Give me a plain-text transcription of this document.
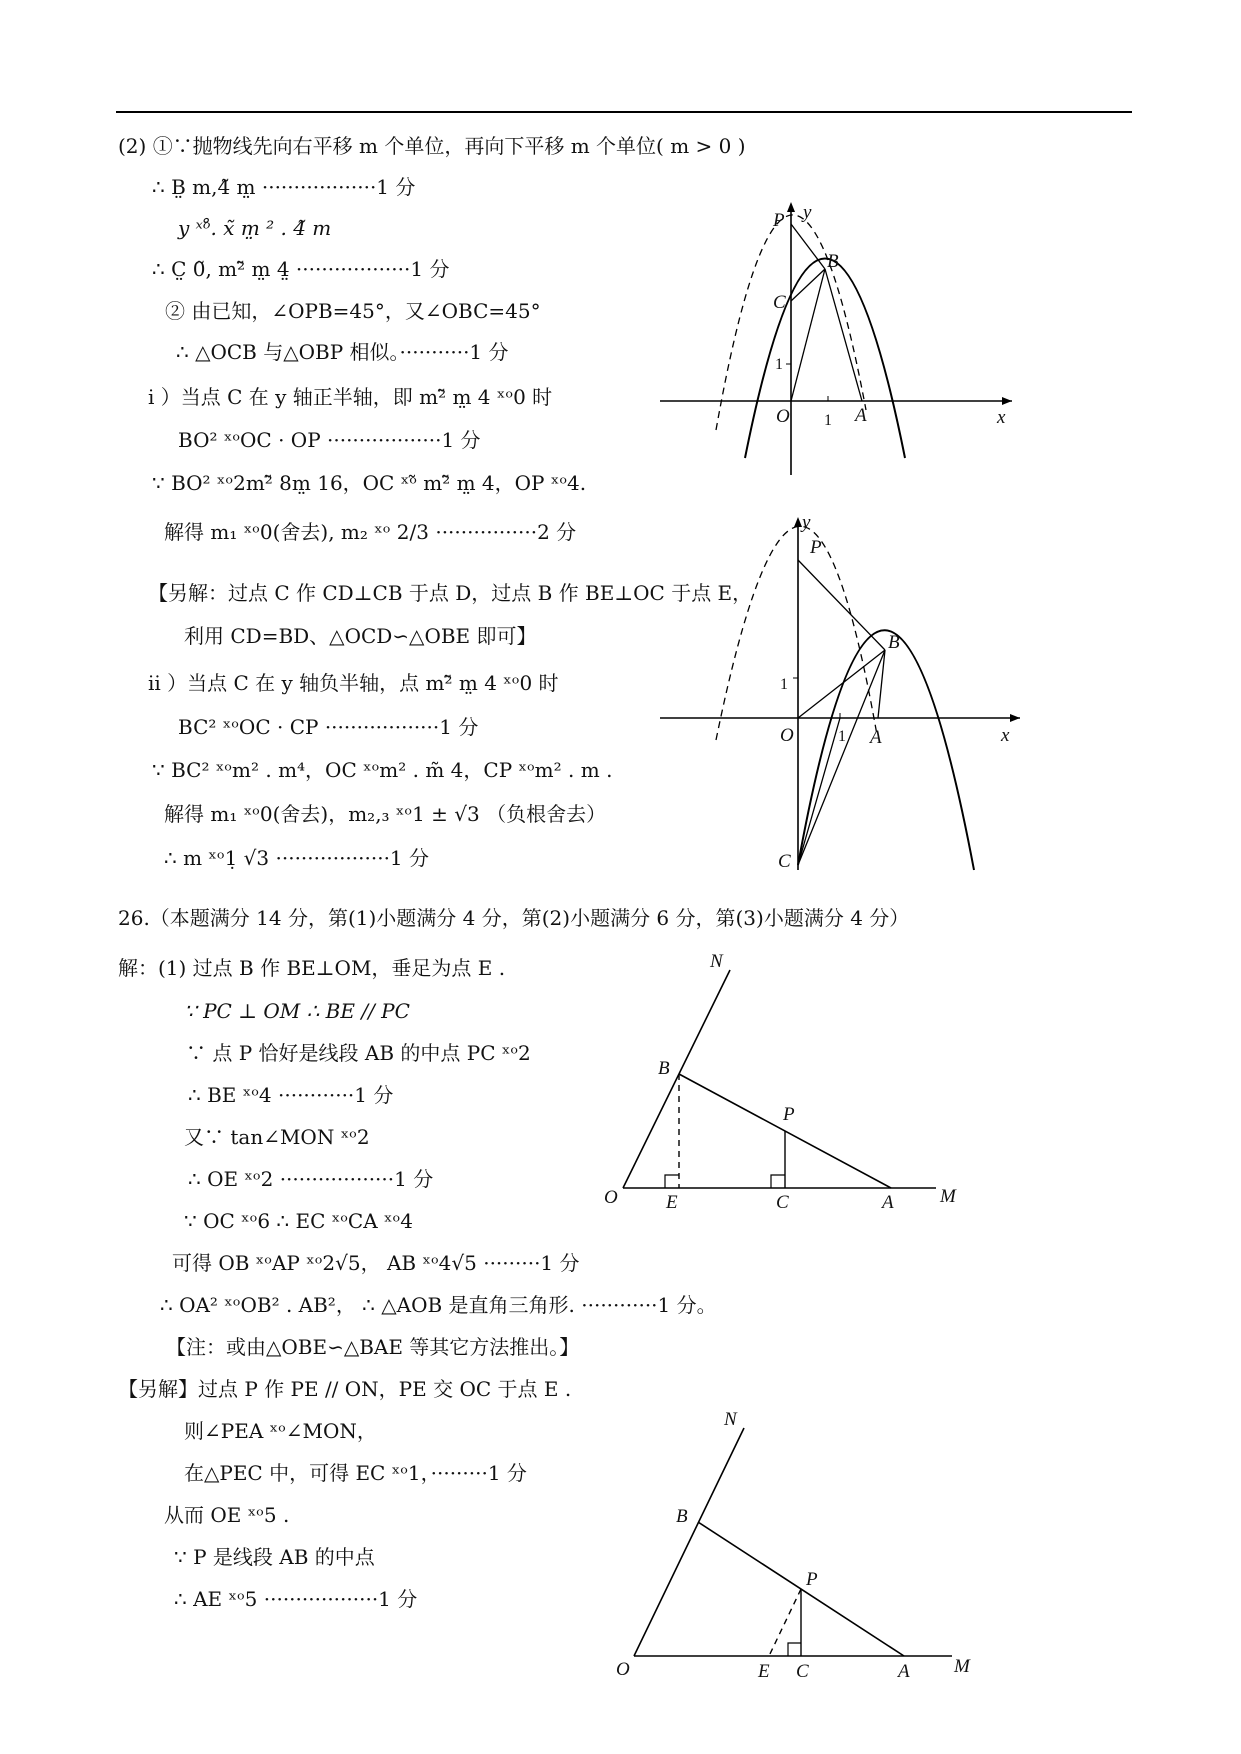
(2) ①∵抛物线先向右平移 m 个单位，再向下平移 m 个单位( m > 0 )
∴ B̤ m,4̃ m̤ ··················1 分
y ˣᵒ̊. x̃ m̤ ² . 4̃ m
∴ C̤ 0̃, m²̃ m̤ 4̤ ··················1 分
② 由已知，∠OPB=45°，又∠OBC=45°
∴ △OCB 与△OBP 相似。···········1 分
i ）当点 C 在 y 轴正半轴，即 m²̃ m̤ 4 ˣᵒ0 时
BO² ˣᵒOC · OP ··················1 分
∵ BO² ˣᵒ2m²̃ 8m̤ 16，OC ˣᵒ̃ m²̃ m̤ 4，OP ˣᵒ4.
解得 m₁ ˣᵒ0(舍去), m₂ ˣᵒ 2/3 ················2 分
【另解：过点 C 作 CD⊥CB 于点 D，过点 B 作 BE⊥OC 于点 E，
利用 CD=BD、△OCD∽△OBE 即可】
ii ）当点 C 在 y 轴负半轴，点 m²̃ m̤ 4 ˣᵒ0 时
BC² ˣᵒOC · CP ··················1 分
∵ BC² ˣᵒm² . m⁴，OC ˣᵒm² . m̃ 4，CP ˣᵒm² . m .
解得 m₁ ˣᵒ0(舍去)，m₂,₃ ˣᵒ1 ± √3 （负根舍去）
∴ m ˣᵒ1̣ √3 ··················1 分
26.（本题满分 14 分，第(1)小题满分 4 分，第(2)小题满分 6 分，第(3)小题满分 4 分）
解：(1) 过点 B 作 BE⊥OM，垂足为点 E .
∵ PC ⊥ OM ∴ BE // PC
∵ 点 P 恰好是线段 AB 的中点 PC ˣᵒ2
∴ BE ˣᵒ4 ············1 分
又∵ tan∠MON ˣᵒ2
∴ OE ˣᵒ2 ··················1 分
∵ OC ˣᵒ6 ∴ EC ˣᵒCA ˣᵒ4
可得 OB ˣᵒAP ˣᵒ2√5， AB ˣᵒ4√5 ·········1 分
∴ OA² ˣᵒOB² . AB²， ∴ △AOB 是直角三角形. ············1 分。
【注：或由△OBE∽△BAE 等其它方法推出。】
【另解】过点 P 作 PE // ON，PE 交 OC 于点 E .
则∠PEA ˣᵒ∠MON，
在△PEC 中，可得 EC ˣᵒ1，·········1 分
从而 OE ˣᵒ5 .
∵ P 是线段 AB 的中点
∴ AE ˣᵒ5 ··················1 分
P y
B
C
1
O 1 A	x
y
P
B
1
O	1 A	x
C
N
B
P
O	E	C	A M
N
B
P
O	E C	A M
